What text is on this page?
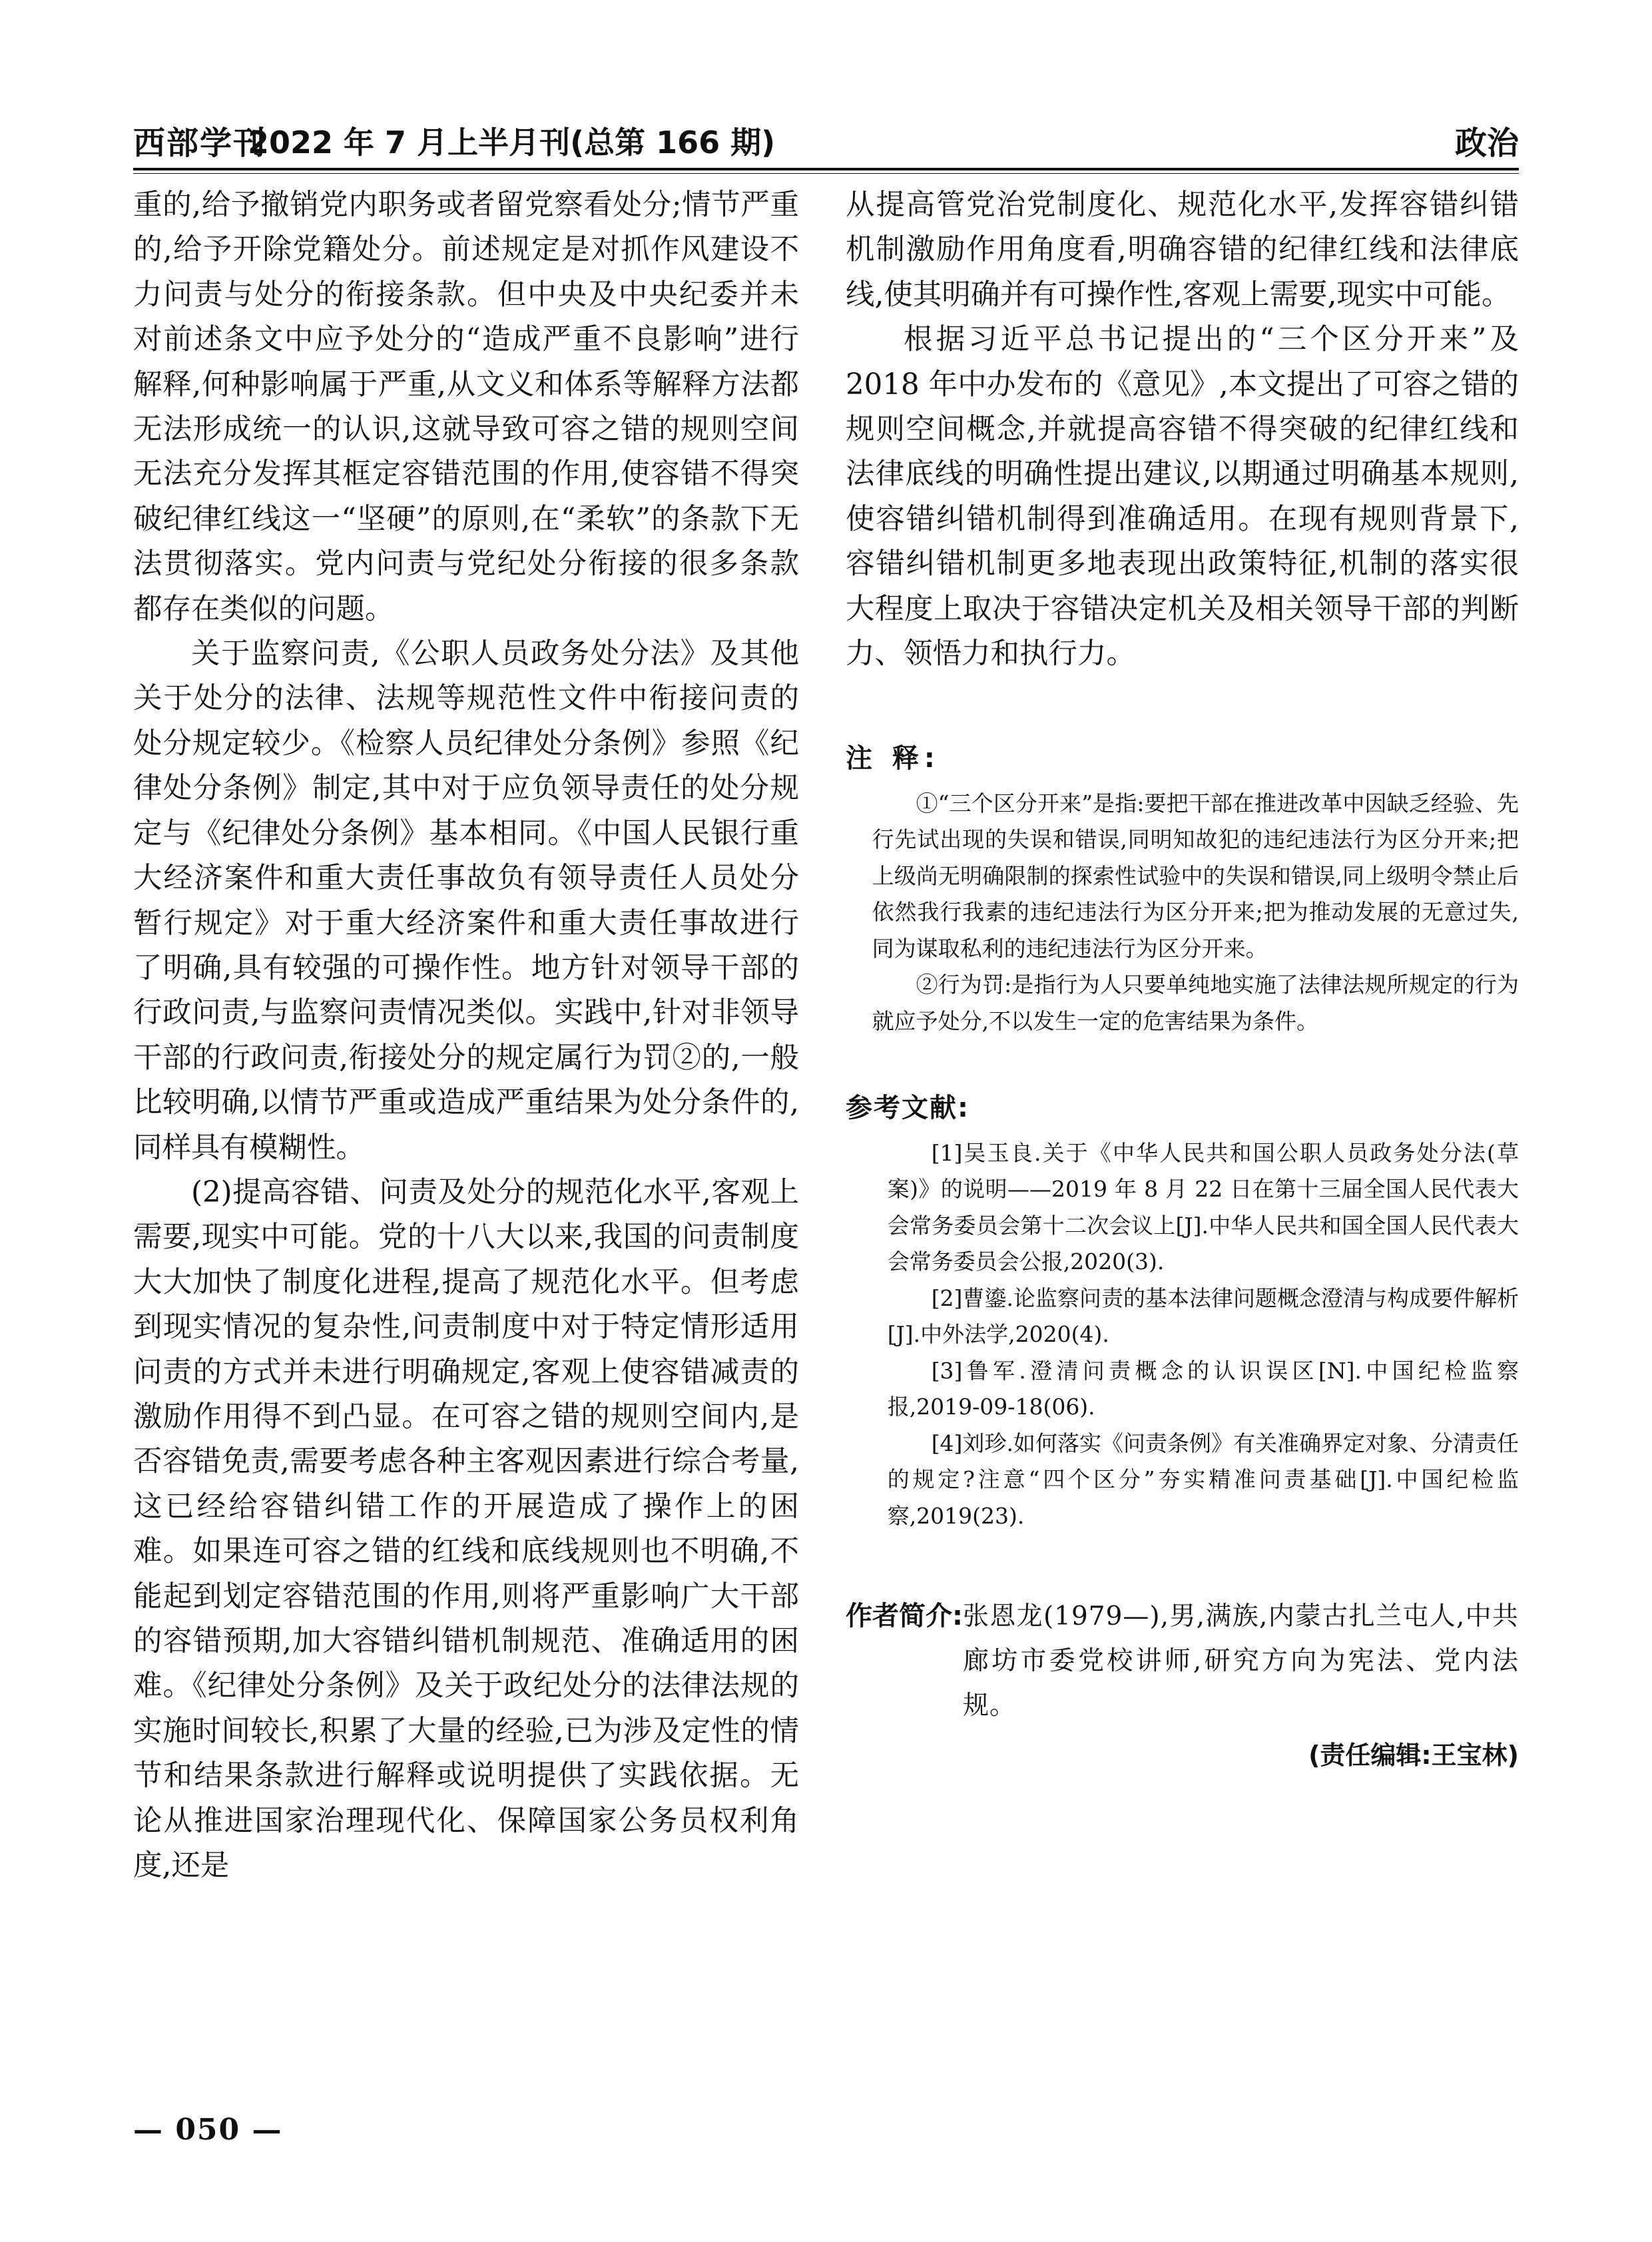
西部学刊
2022 年 7 月上半月刊(总第 166 期)	政治

重的,给予撤销党内职务或者留党察看处分;情节严重的,给予开除党籍处分。前述规定是对抓作风建设不力问责与处分的衔接条款。但中央及中央纪委并未对前述条文中应予处分的“造成严重不良影响”进行解释,何种影响属于严重,从文义和体系等解释方法都无法形成统一的认识,这就导致可容之错的规则空间无法充分发挥其框定容错范围的作用,使容错不得突破纪律红线这一“坚硬”的原则,在“柔软”的条款下无法贯彻落实。党内问责与党纪处分衔接的很多条款都存在类似的问题。

关于监察问责,《公职人员政务处分法》及其他关于处分的法律、法规等规范性文件中衔接问责的处分规定较少。《检察人员纪律处分条例》参照《纪律处分条例》制定,其中对于应负领导责任的处分规定与《纪律处分条例》基本相同。《中国人民银行重大经济案件和重大责任事故负有领导责任人员处分暂行规定》对于重大经济案件和重大责任事故进行了明确,具有较强的可操作性。地方针对领导干部的行政问责,与监察问责情况类似。实践中,针对非领导干部的行政问责,衔接处分的规定属行为罚②的,一般比较明确,以情节严重或造成严重结果为处分条件的,同样具有模糊性。

(2)提高容错、问责及处分的规范化水平,客观上需要,现实中可能。党的十八大以来,我国的问责制度大大加快了制度化进程,提高了规范化水平。但考虑到现实情况的复杂性,问责制度中对于特定情形适用问责的方式并未进行明确规定,客观上使容错减责的激励作用得不到凸显。在可容之错的规则空间内,是否容错免责,需要考虑各种主客观因素进行综合考量,这已经给容错纠错工作的开展造成了操作上的困难。如果连可容之错的红线和底线规则也不明确,不能起到划定容错范围的作用,则将严重影响广大干部的容错预期,加大容错纠错机制规范、准确适用的困难。《纪律处分条例》及关于政纪处分的法律法规的实施时间较长,积累了大量的经验,已为涉及定性的情节和结果条款进行解释或说明提供了实践依据。无论从推进国家治理现代化、保障国家公务员权利角度,还是

从提高管党治党制度化、规范化水平,发挥容错纠错机制激励作用角度看,明确容错的纪律红线和法律底线,使其明确并有可操作性,客观上需要,现实中可能。

根据习近平总书记提出的“三个区分开来”及 2018 年中办发布的《意见》,本文提出了可容之错的规则空间概念,并就提高容错不得突破的纪律红线和法律底线的明确性提出建议,以期通过明确基本规则,使容错纠错机制得到准确适用。在现有规则背景下,容错纠错机制更多地表现出政策特征,机制的落实很大程度上取决于容错决定机关及相关领导干部的判断力、领悟力和执行力。

注 释:

①“三个区分开来”是指:要把干部在推进改革中因缺乏经验、先行先试出现的失误和错误,同明知故犯的违纪违法行为区分开来;把上级尚无明确限制的探索性试验中的失误和错误,同上级明令禁止后依然我行我素的违纪违法行为区分开来;把为推动发展的无意过失,同为谋取私利的违纪违法行为区分开来。

②行为罚:是指行为人只要单纯地实施了法律法规所规定的行为就应予处分,不以发生一定的危害结果为条件。

参考文献:

[1]吴玉良.关于《中华人民共和国公职人员政务处分法(草案)》的说明——2019 年 8 月 22 日在第十三届全国人民代表大会常务委员会第十二次会议上[J].中华人民共和国全国人民代表大会常务委员会公报,2020(3).

[2]曹鎏.论监察问责的基本法律问题概念澄清与构成要件解析[J].中外法学,2020(4).

[3]鲁军.澄清问责概念的认识误区[N].中国纪检监察报,2019-09-18(06).

[4]刘珍.如何落实《问责条例》有关准确界定对象、分清责任的规定?注意“四个区分”夯实精准问责基础[J].中国纪检监察,2019(23).

作者简介: 张恩龙(1979—),男,满族,内蒙古扎兰屯人,中共廊坊市委党校讲师,研究方向为宪法、党内法规。
(责任编辑:王宝林)
— 050 —
